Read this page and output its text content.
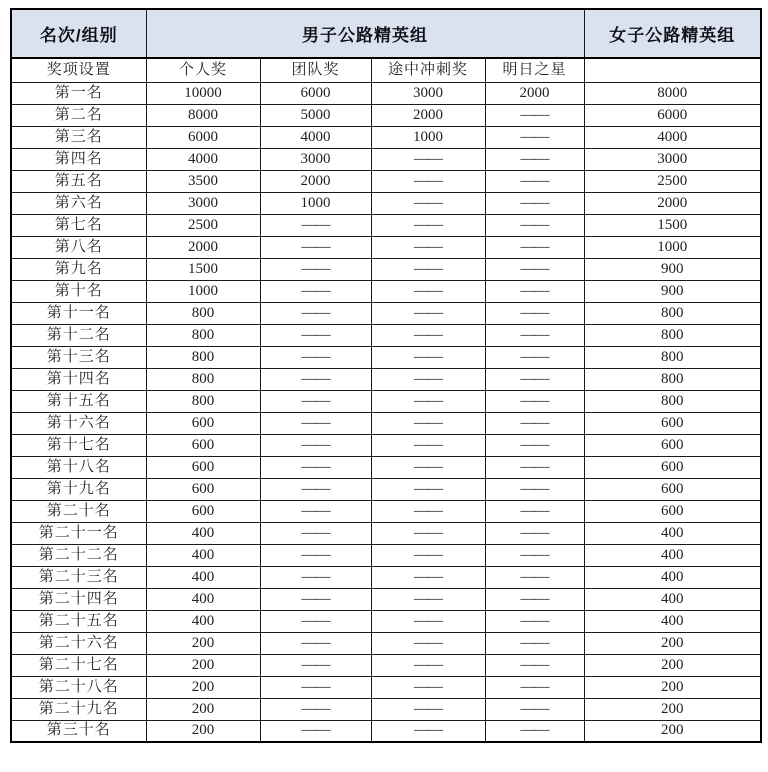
名次/组别	男子公路精英组				女子公路精英组
奖项设置	个人奖	团队奖	途中冲刺奖	明日之星	
第一名	10000	6000	3000	2000	8000
第二名	8000	5000	2000	——	6000
第三名	6000	4000	1000	——	4000
第四名	4000	3000	——	——	3000
第五名	3500	2000	——	——	2500
第六名	3000	1000	——	——	2000
第七名	2500	——	——	——	1500
第八名	2000	——	——	——	1000
第九名	1500	——	——	——	900
第十名	1000	——	——	——	900
第十一名	800	——	——	——	800
第十二名	800	——	——	——	800
第十三名	800	——	——	——	800
第十四名	800	——	——	——	800
第十五名	800	——	——	——	800
第十六名	600	——	——	——	600
第十七名	600	——	——	——	600
第十八名	600	——	——	——	600
第十九名	600	——	——	——	600
第二十名	600	——	——	——	600
第二十一名	400	——	——	——	400
第二十二名	400	——	——	——	400
第二十三名	400	——	——	——	400
第二十四名	400	——	——	——	400
第二十五名	400	——	——	——	400
第二十六名	200	——	——	——	200
第二十七名	200	——	——	——	200
第二十八名	200	——	——	——	200
第二十九名	200	——	——	——	200
第三十名	200	——	——	——	200
